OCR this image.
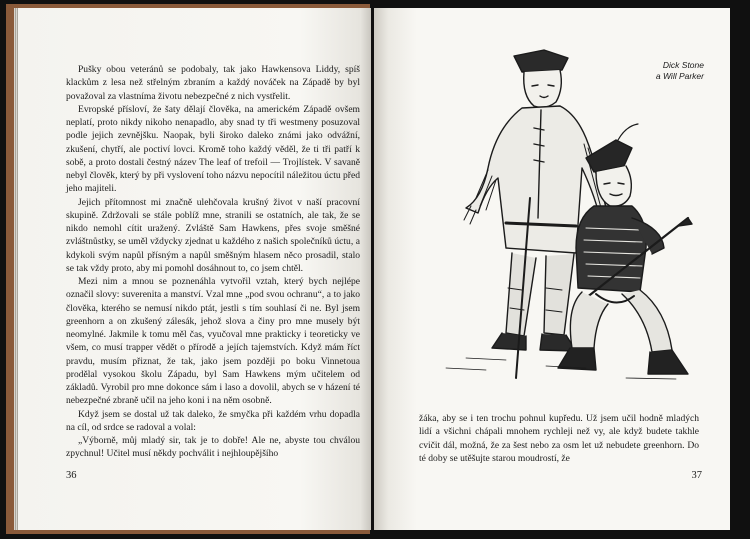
Pušky obou veteránů se podobaly, tak jako Hawkensova Liddy, spíš klackům z lesa než střelným zbraním a každý nováček na Západě by byl považoval za vlastníma životu nebezpečné z nich vystřelit.

Evropské přísloví, že šaty dělají člověka, na americkém Západě ovšem neplatí, proto nikdy nikoho nenapadlo, aby snad ty tři westmeny posuzoval podle jejich zevnějšku. Naopak, byli široko daleko známi jako odvážní, zkušení, chytří, ale poctiví lovci. Kromě toho každý věděl, že ti tři patří k sobě, a proto dostali čestný název The leaf of trefoil — Trojlístek. V savaně nebyl člověk, který by při vyslovení toho názvu nepocítil náležitou úctu před jeho majiteli.

Jejich přítomnost mi značně ulehčovala krušný život v naší pracovní skupině. Zdržovali se stále poblíž mne, stranili se ostatních, ale tak, že se nikdo nemohl cítit uražený. Zvláště Sam Hawkens, přes svoje směšné zvláštnůstky, se uměl vždycky zjednat u každého z našich společníků úctu, a kdykoli svým napůl přísným a napůl směšným hlasem něco prosadil, stalo se tak vždy proto, aby mi pomohl dosáhnout to, co jsem chtěl.

Mezi nim a mnou se poznenáhla vytvořil vztah, který bych nejlépe označil slovy: suverenita a manství. Vzal mne „pod svou ochranu“, a to jako člověka, kterého se nemusí nikdo ptát, jestli s tím souhlasí či ne. Byl jsem greenhorn a on zkušený zálesák, jehož slova a činy pro mne musely být neomylné. Jakmile k tomu měl čas, vyučoval mne prakticky i teoreticky ve všem, co musí trapper vědět o přírodě a jejích tajemstvích. Když mám říct pravdu, musím přiznat, že tak, jako jsem později po boku Vinnetoua prodělal vysokou školu Západu, byl Sam Hawkens mým učitelem od základů. Vyrobil pro mne dokonce sám i laso a dovolil, abych se v házení té nebezpečné zbraně učil na jeho koni i na něm osobně.

Když jsem se dostal už tak daleko, že smyčka při každém vrhu dopadla na cíl, od srdce se radoval a volal:

„Výborně, můj mladý sir, tak je to dobře! Ale ne, abyste tou chválou zpychnul! Učitel musí někdy pochválit i nejhloupějšího

36
Dick Stone
a Will Parker
žáka, aby se i ten trochu pohnul kupředu. Už jsem učil hodně mladých lidí a všichni chápali mnohem rychleji než vy, ale když budete takhle cvičit dál, možná, že za šest nebo za osm let už nebudete greenhorn. Do té doby se utěšujte starou moudrostí, že
37
